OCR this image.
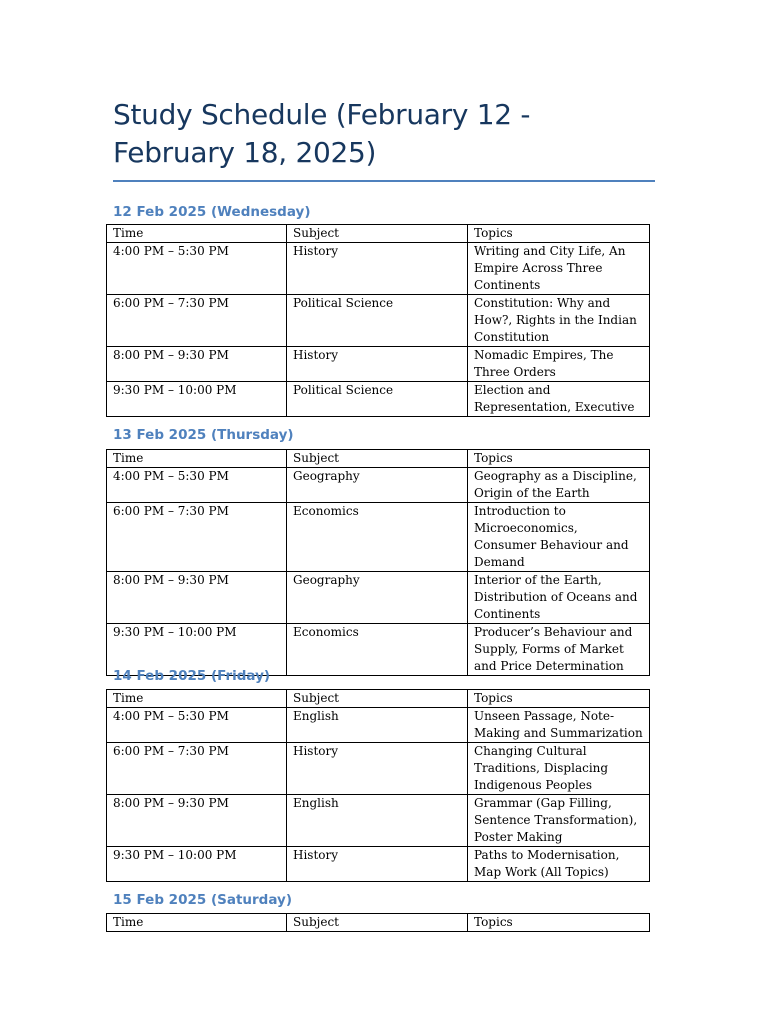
Study Schedule (February 12 - February 18, 2025)
12 Feb 2025 (Wednesday)
Time	Subject	Topics
4:00 PM – 5:30 PM	History	Writing and City Life, An Empire Across Three Continents
6:00 PM – 7:30 PM	Political Science	Constitution: Why and How?, Rights in the Indian Constitution
8:00 PM – 9:30 PM	History	Nomadic Empires, The Three Orders
9:30 PM – 10:00 PM	Political Science	Election and Representation, Executive
13 Feb 2025 (Thursday)
Time	Subject	Topics
4:00 PM – 5:30 PM	Geography	Geography as a Discipline, Origin of the Earth
6:00 PM – 7:30 PM	Economics	Introduction to Microeconomics, Consumer Behaviour and Demand
8:00 PM – 9:30 PM	Geography	Interior of the Earth, Distribution of Oceans and Continents
9:30 PM – 10:00 PM	Economics	Producer’s Behaviour and Supply, Forms of Market and Price Determination
14 Feb 2025 (Friday)
Time	Subject	Topics
4:00 PM – 5:30 PM	English	Unseen Passage, Note-Making and Summarization
6:00 PM – 7:30 PM	History	Changing Cultural Traditions, Displacing Indigenous Peoples
8:00 PM – 9:30 PM	English	Grammar (Gap Filling, Sentence Transformation), Poster Making
9:30 PM – 10:00 PM	History	Paths to Modernisation, Map Work (All Topics)
15 Feb 2025 (Saturday)
Time	Subject	Topics
